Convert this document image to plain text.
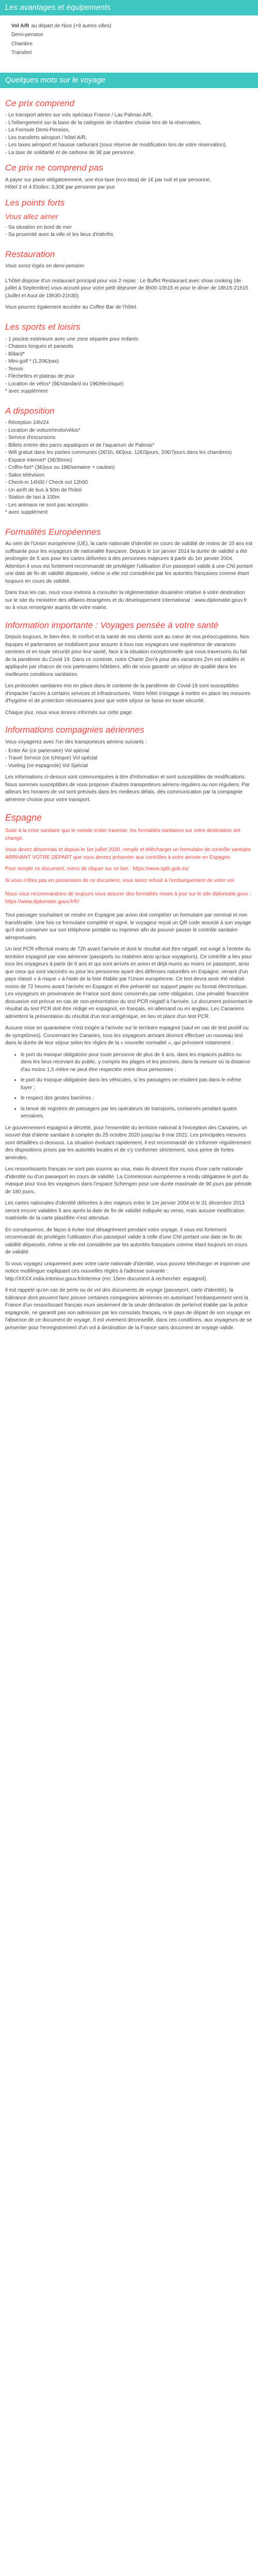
Les avantages et équipements
Vol A/R au départ de Nice (+9 autres villes)
Demi-pension
Chambre
Transfert
Quelques mots sur le voyage
Ce prix comprend

- Le transport aérien sur vols spéciaux France / Las Palmas A/R,

- L'hébergement sur la base de la catégorie de chambre choisie lors de la réservation,

- La Formule Demi-Pension,

- Les transferts aéroport / hôtel A/R,

- Les taxes aéroport et hausse carburant (sous réserve de modification lors de votre réservation),

- La taxe de solidarité et de carbone de 3€ par personne.

Ce prix ne comprend pas

A payer sur place obligatoirement, une éco-taxe (eco-tasa) de 1€ par nuit et par personne,

Hôtel 3 et 4 Étoiles: 3,30€ par personne par jour

Les points forts
Vous allez aimer

- Sa situation en bord de mer

- Sa proximité avec la ville et les lieux d'intérêts

Restauration

Vous serez logés en demi-pension

L'hôtel dispose d'un restaurant principal pour vos 2 repas : Le Buffet Restaurant avec show cooking (de juillet à Septembre) vous accueil pour votre petit déjeuner de 8h00-10h15 et pour le dîner de 18h15-21h15 (Juillet et Aout de 18h30-21h30).

Vous pourrez également accéder au Coffee Bar de l'hôtel.

Les sports et loisirs

- 1 piscine extérieure avec une zone séparée pour enfants

- Chaises longues et parasols

- Billard*

- Mini-golf * (1,20€/pax)

- Tennis

- Fléchettes et plateau de jeux

- Location de vélos* (5€/standard ou 19€/électrique)

* avec supplément

A disposition

- Réception 24h/24

- Location de voiture/moto/vélos*

- Service d'excursions

- Billets entrée des parcs aquatiques et de l'aquarium de Palmas*

- Wifi gratuit dans les parties communes (2€/1h, 6€/jour, 12€/3jours, 20€/7jours dans les chambres)

- Espace internet* (2€/30min)

- Coffre-fort* (3€/jour ou 18€/semaine + caution)

- Salon télévision

- Check-in 14h00 / Check out 12h00

- Un arrêt de bus à 50m de l'hôtel

- Station de taxi à 100m

- Les animaux ne sont pas acceptés

* avec supplément

Formalités Européennes

Au sein de l'Union européenne (UE), la carte nationale d'identité en cours de validité de moins de 10 ans est suffisante pour les voyageurs de nationalité française. Depuis le 1er janvier 2014 la durée de validité a été prolongée de 5 ans pour les cartes délivrées à des personnes majeures à partir du 1er janvier 2004. Attention il vous est fortement recommandé de privilégier l'utilisation d'un passeport valide à une CNI portant une date de fin de validité dépassée, même si elle est considérée par les autorités françaises comme étant toujours en cours de validité.

Dans tous les cas, nous vous invitons à consulter la réglementation douanière relative à votre destination sur le site du ministère des affaires étrangères et du développement international : www.diplomatie.gouv.fr ou à vous renseigner auprès de votre mairie.

Information importante : Voyages pensée à votre santé

Depuis toujours, le bien-être, le confort et la santé de nos clients sont au cœur de nos préoccupations. Nos équipes et partenaires se mobilisent pour assurer à tous nos voyageurs une expérience de vacances sereines et en toute sécurité pour leur santé, face à la situation exceptionnelle que nous traversons du fait de la pandémie du Covid 19. Dans ce contexte, notre Charte Zen'à pour des vacances Zen est validée et appliquée par chacun de nos partenaires hôteliers, afin de vous garantir un séjour de qualité dans les meilleures conditions sanitaires.

Les protocoles sanitaires mis en place dans le contexte de la pandémie de Covid-19 sont susceptibles d'impacter l'accès à certains services et infrastructures. Votre hôtel s'engage à mettre en place les mesures d'hygiène et de protection nécessaires pour que votre séjour se fasse en toute sécurité.

Chaque jour, nous vous tenons informés sur cette page.

Informations compagnies aériennes

Vous voyagerez avec l'un des transporteurs aériens suivants :

- Enter Air (ce partenaire) Vol spécial

- Travel Service (ce tchèque) Vol spécial

- Vueling (ce espagnole) Vol Spécial

Les informations ci-dessus sont communiquées à titre d'information et sont susceptibles de modifications. Nous sommes susceptibles de vous proposer d'autres transporteurs aériens réguliers ou non réguliers. Par ailleurs les horaires de vol sont précisés dans les meilleurs délais, dès communication par la compagnie aérienne choisie pour votre transport.

Espagne

Suite à la crise sanitaire que le monde entier traverse, les formalités sanitaires sur votre destination ont changé.

Vous devez désormais et depuis le 1er juillet 2020, remplir et télécharger un formulaire de contrôle sanitaire ARRIVANT VOTRE DÉPART que vous devrez présenter aux contrôles à votre arrivée en Espagne.

Pour remplir ce document, merci de cliquer sur ce lien : https://www.spth.gob.es/

Si vous n'êtes pas en possession de ce document, vous serez refusé à l'embarquement de votre vol.

Nous vous recommandons de toujours vous assurer des formalités mises à jour sur le site diplomatie.gouv : https://www.diplomatie.gouv.fr/fr/

Tout passager souhaitant se rendre en Espagne par avion doit compléter un formulaire par nominal et non transférable. Une fois ce formulaire complété et signé, le voyageur reçoit un QR code associé à son voyage qu'il doit conserver sur son téléphone portable ou imprimer afin de pouvoir passer le contrôle sanitaire aéroportuaire.

Un test PCR effectué moins de 72h avant l'arrivée et dont le résultat doit être négatif, est exigé à l'entrée du territoire espagnol par voie aérienne (passports ou matières ainsi qu'aux voyageurs). Ce contrôle a lieu pour tous les voyageurs à partir de 6 ans et qui sont arrivés en avion et déjà munis au moins ce passeport, ainsi que ceux qui sont vaccinés ou pour les personnes ayant des défenses naturelles en Espagne, venant d'un pays classé « à risque » à l'aide de la liste établie par l'Union européenne. Ce test devra avoir été réalisé moins de 72 heures avant l'arrivée en Espagne et être présenté sur support papier ou format électronique. Les voyageurs en provenance de France sont donc concernés par cette obligation. Une pénalité financière dissuasive est prévue en cas de non-présentation du test PCR négatif à l'arrivée. Le document présentant le résultat du test PCR doit être rédigé en espagnol, en français, en allemand ou en anglais. Les Canariens admettent la présentation du résultat d'un test antigénique, en lieu et place d'un test PCR.

Aucune mise en quarantaine n'est exigée à l'arrivée sur le territoire espagnol (sauf en cas de test positif ou de symptômes). Concernant les Canaries, tous les voyageurs arrivant devront effectuer un nouveau test dans la durée de leur séjour selon les règles de la « nouvelle normalité », qui prévoient notamment :

• le port du masque obligatoire pour toute personne de plus de 6 ans, dans les espaces publics ou dans les lieux recevant du public, y compris les plages et les piscines, dans la mesure où la distance d'au moins 1,5 mètre ne peut être respectée entre deux personnes ;
• le port du masque obligatoire dans les véhicules, si les passagers ne résident pas dans le même foyer ;
• le respect des gestes barrières ;
• la tenue de registres de passagers par les opérateurs de transports, conservés pendant quatre semaines.

Le gouvernement espagnol a décrété, pour l'ensemble du territoire national à l'exception des Canaries, un nouvel état d'alerte sanitaire à compter du 25 octobre 2020 jusqu'au 9 mai 2021. Les principales mesures sont détaillées ci-dessous. La situation évoluant rapidement, il est recommandé de s'informer régulièrement des dispositions prises par les autorités locales et de s'y conformer strictement, sous peine de fortes amendes.

Les ressortissants français ne sont pas soumis au visa, mais ils doivent être munis d'une carte nationale d'identité ou d'un passeport en cours de validité. La Commission européenne a rendu obligatoire le port du masque pour tous les voyageurs dans l'espace Schengen pour une durée maximale de 90 jours par période de 180 jours.

Les cartes nationales d'identité délivrées à des majeurs entre le 1er janvier 2004 et le 31 décembre 2013 seront encore valables 5 ans après la date de fin de validité indiquée au verso, mais aucune modification matérielle de la carte plastifiée n'est attendue.

En conséquence, de façon à éviter tout désagrément pendant votre voyage, il vous est fortement recommandé de privilégier l'utilisation d'un passeport valide à celle d'une CNI portant une date de fin de validité dépassée, même si elle est considérée par les autorités françaises comme étant toujours en cours de validité.

Si vous voyagez uniquement avec votre carte nationale d'identité, vous pouvez télécharger et imprimer une notice multilingue expliquant ces nouvelles règles à l'adresse suivante : http://XXXX.india.interieur.gouv.fr/interieur (rm: 15em document à rechercher: espagnol).

Il est rappelé qu'en cas de perte ou de vol des documents de voyage (passeport, carte d'identité), la tolérance dont peuvent faire preuve certaines compagnies aériennes en autorisant l'embarquement vers la France d'un ressortissant français muni seulement de la seule déclaration de perte/vol établie par la police espagnole, ne garantit pas son admission par les consulats français, ni le pays de départ de son voyage en l'absence de ce document de voyage. Il est vivement déconseillé, dans ces conditions, aux voyageurs de se présenter pour l'enregistrement d'un vol à destination de la France sans document de voyage valide.
